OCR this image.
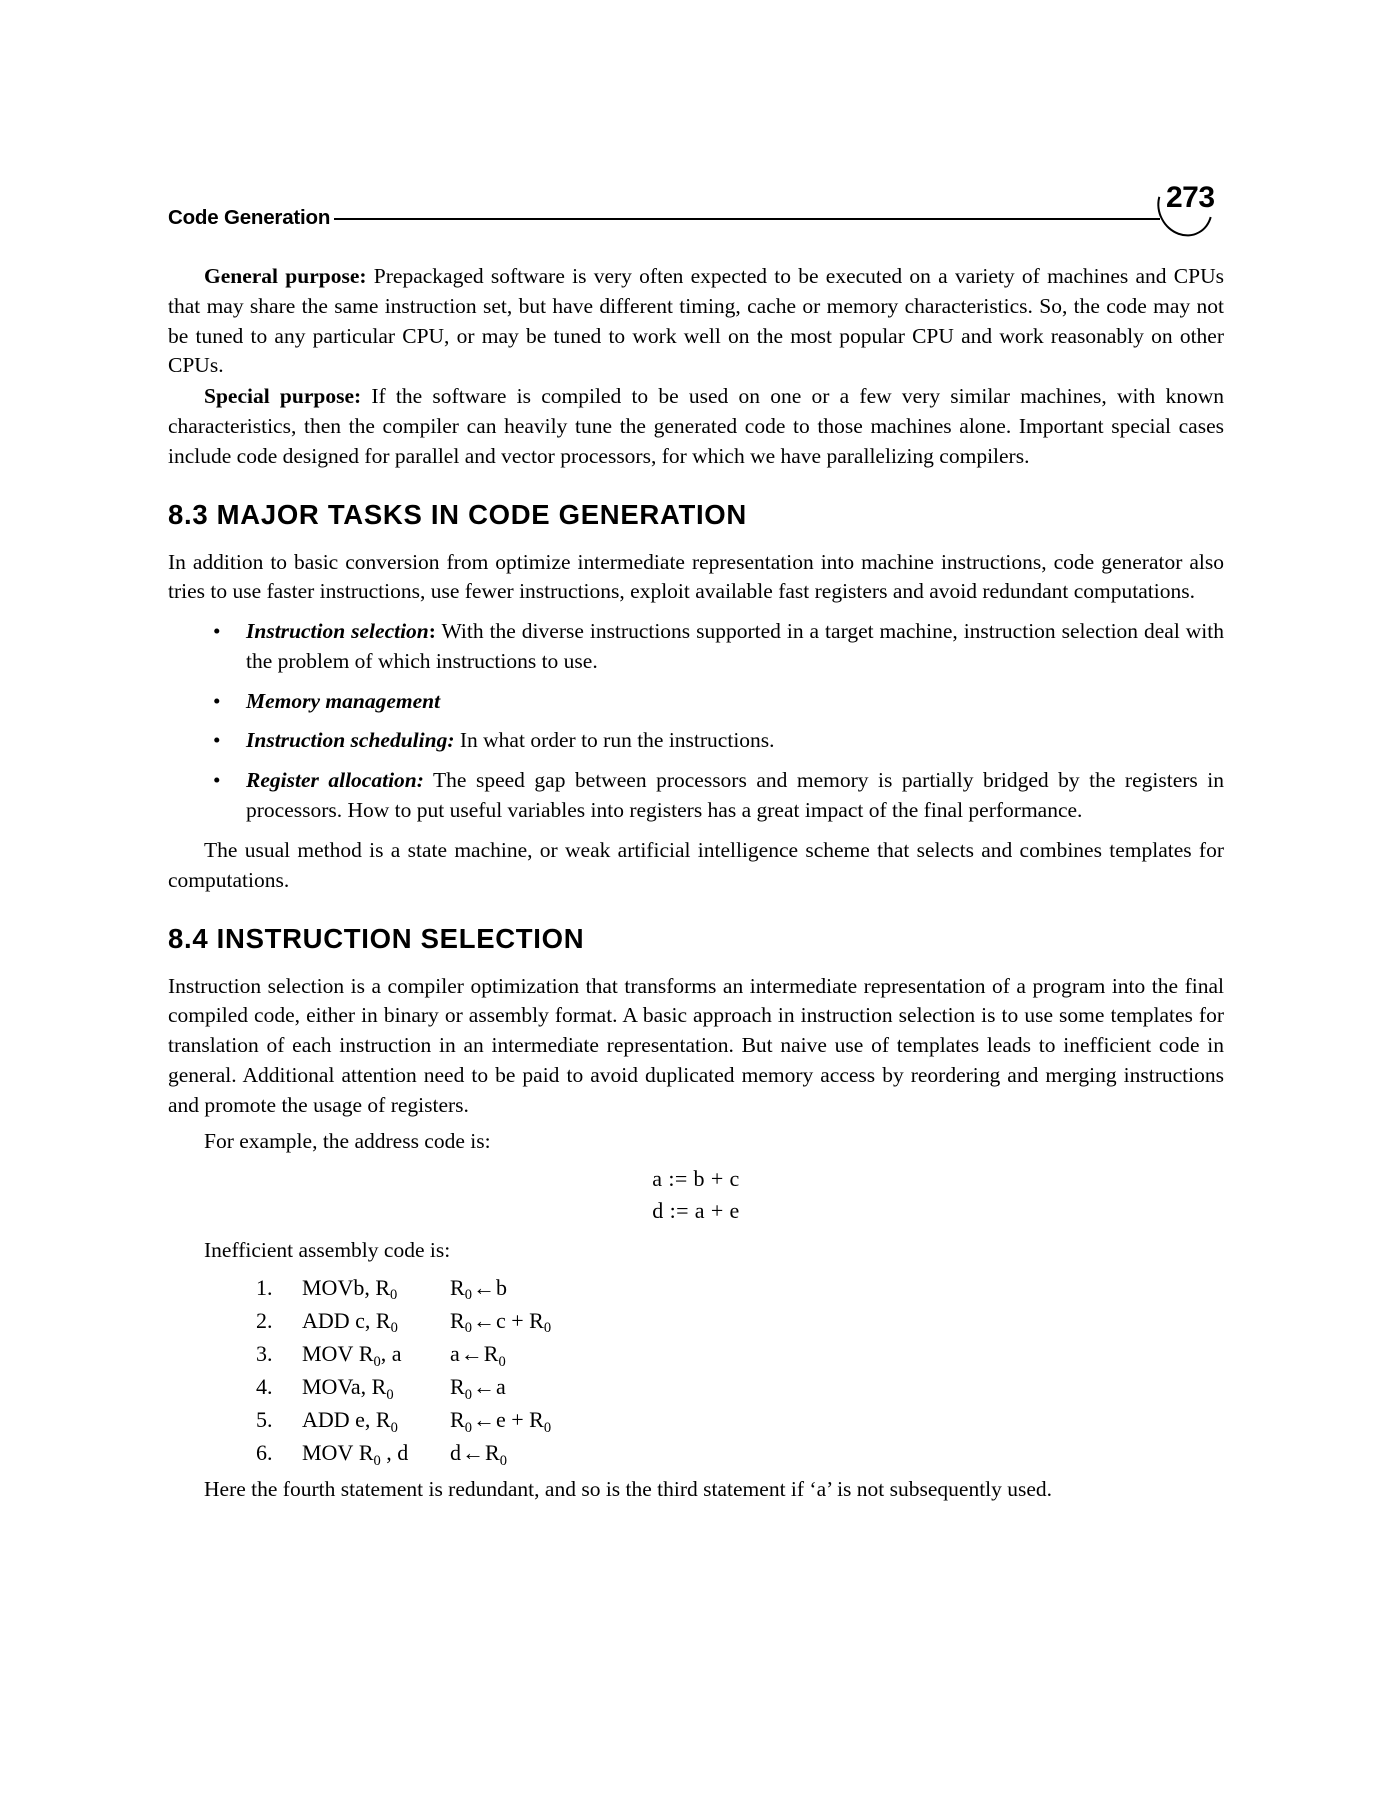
Code Generation
273

General purpose: Prepackaged software is very often expected to be executed on a variety of machines and CPUs that may share the same instruction set, but have different timing, cache or memory characteristics. So, the code may not be tuned to any particular CPU, or may be tuned to work well on the most popular CPU and work reasonably on other CPUs.

Special purpose: If the software is compiled to be used on one or a few very similar machines, with known characteristics, then the compiler can heavily tune the generated code to those machines alone. Important special cases include code designed for parallel and vector processors, for which we have parallelizing compilers.

8.3 MAJOR TASKS IN CODE GENERATION

In addition to basic conversion from optimize intermediate representation into machine instructions, code generator also tries to use faster instructions, use fewer instructions, exploit available fast registers and avoid redundant computations.

• Instruction selection: With the diverse instructions supported in a target machine, instruction selection deal with the problem of which instructions to use.
• Memory management
• Instruction scheduling: In what order to run the instructions.
• Register allocation: The speed gap between processors and memory is partially bridged by the registers in processors. How to put useful variables into registers has a great impact of the final performance.

The usual method is a state machine, or weak artificial intelligence scheme that selects and combines templates for computations.

8.4 INSTRUCTION SELECTION

Instruction selection is a compiler optimization that transforms an intermediate representation of a program into the final compiled code, either in binary or assembly format. A basic approach in instruction selection is to use some templates for translation of each instruction in an intermediate representation. But naive use of templates leads to inefficient code in general. Additional attention need to be paid to avoid duplicated memory access by reordering and merging instructions and promote the usage of registers.

For example, the address code is:

a := b + c
d := a + e

Inefficient assembly code is:

1.	MOVb, $R_0$	$R_0\leftarrow b$
2.	ADD c, $R_0$	$R_0\leftarrow c + R_0$
3.	MOV $R_0$, a	$a\leftarrow R_0$
4.	MOVa, $R_0$	$R_0\leftarrow a$
5.	ADD e, $R_0$	$R_0\leftarrow e + R_0$
6.	MOV $R_0$ , d	$d\leftarrow R_0$

Here the fourth statement is redundant, and so is the third statement if ‘a’ is not subsequently used.
